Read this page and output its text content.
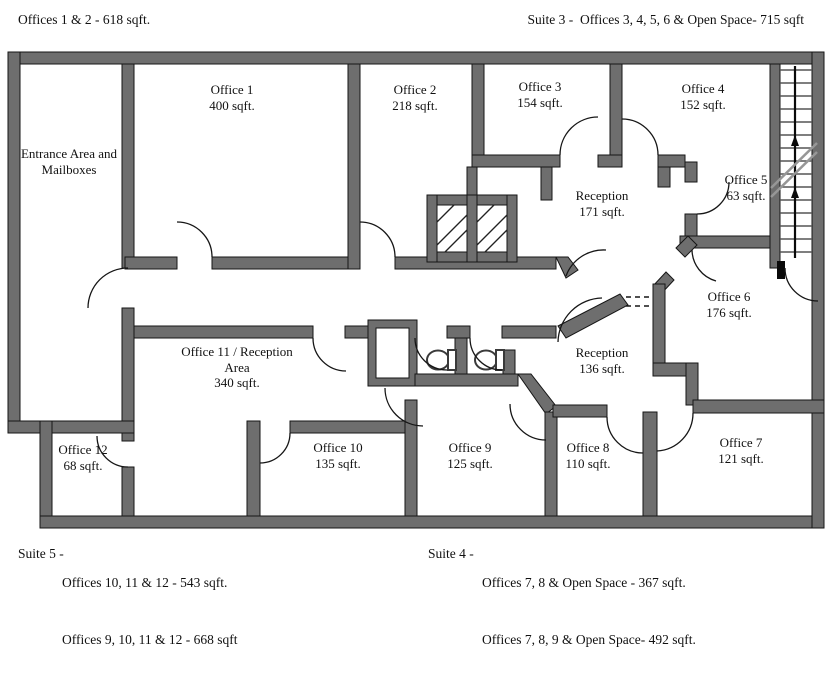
Offices 1 & 2 - 618 sqft.	Suite 3 -  Offices 3, 4, 5, 6 & Open Space- 715 sqft
Suite 5 -

Offices 10, 11 & 12 - 543 sqft.

Offices 9, 10, 11 & 12 - 668 sqft

Suite 4 -

Offices 7, 8 & Open Space - 367 sqft.

Offices 7, 8, 9 & Open Space- 492 sqft.

Entrance Area and Mailboxes
Office 1
400 sqft.
Office 2
218 sqft.
Office 3
154 sqft.
Office 4
152 sqft.
Office 5
63 sqft.
Reception
171 sqft.
Office 6
176 sqft.
Reception
136 sqft.
Office 11 / Reception Area
340 sqft.
Office 12
68 sqft.
Office 10
135 sqft.
Office 9
125 sqft.
Office 8
110 sqft.
Office 7
121 sqft.
